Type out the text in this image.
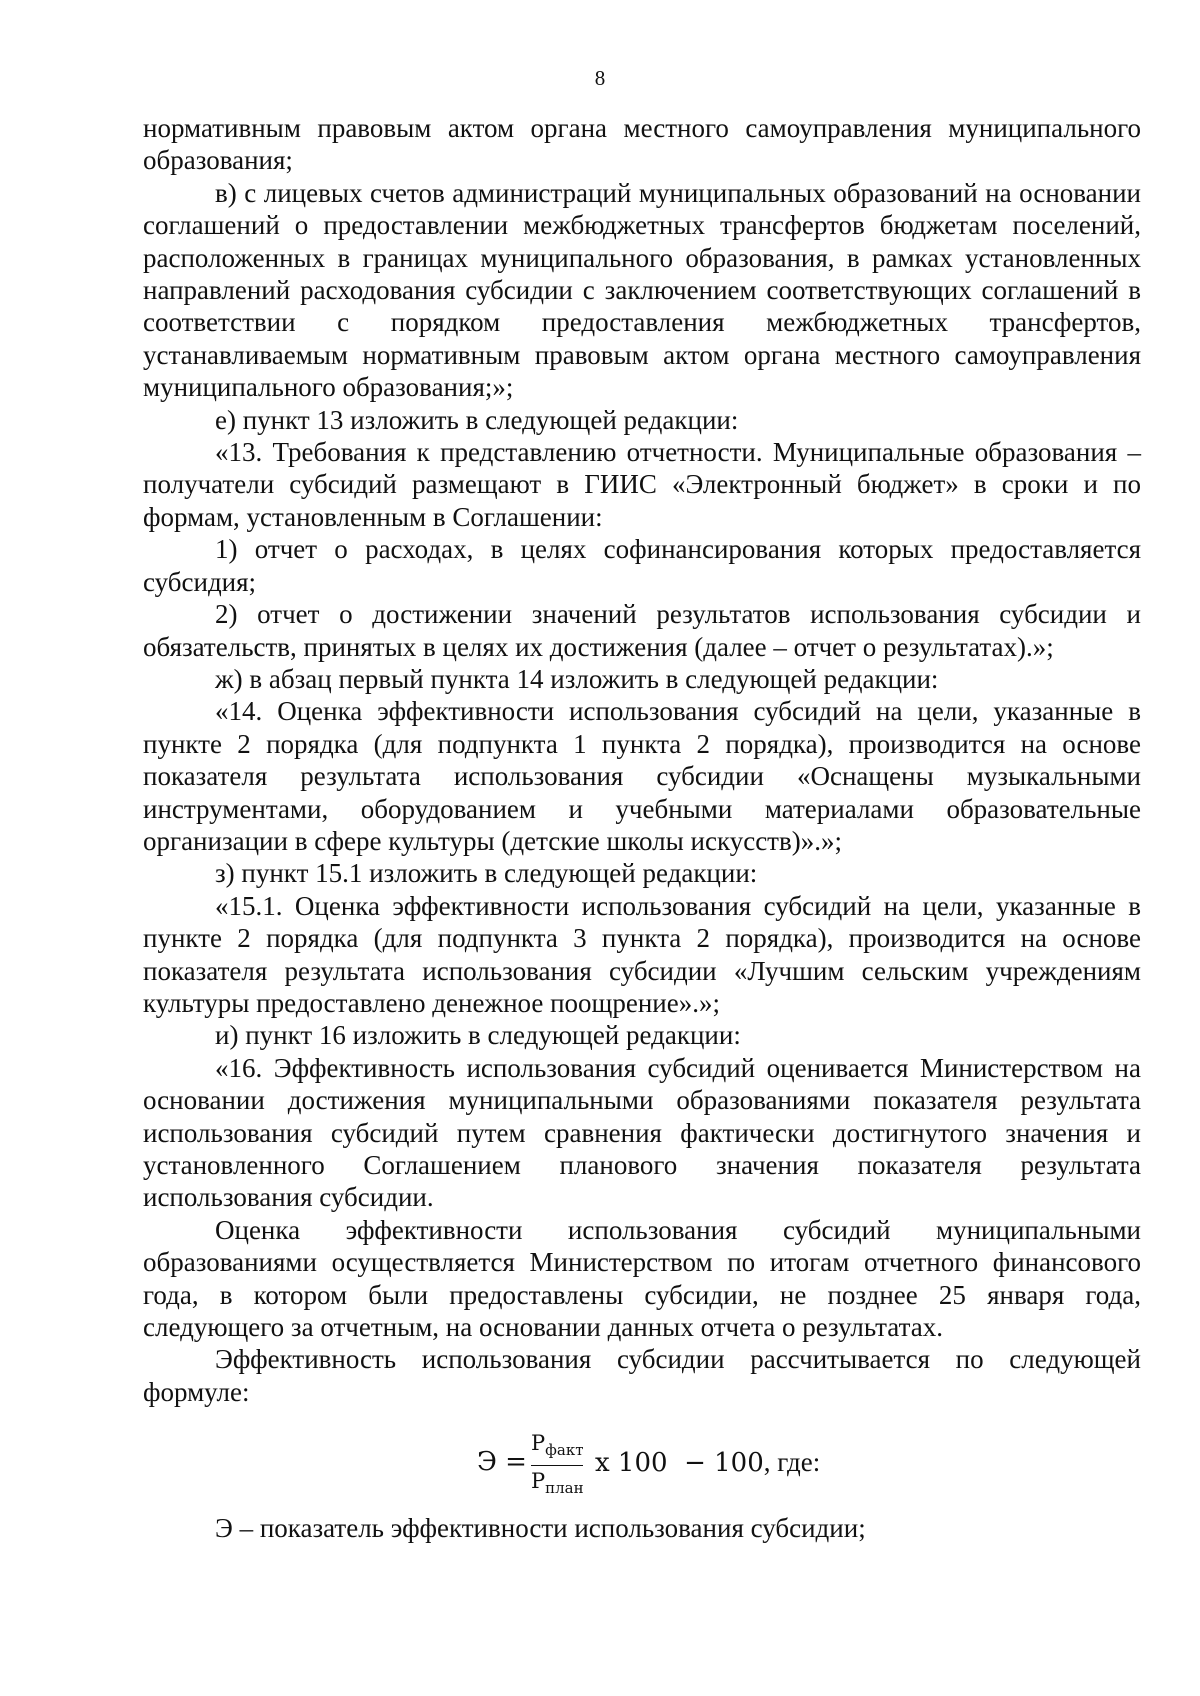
8

нормативным правовым актом органа местного самоуправления муниципального образования;

в) с лицевых счетов администраций муниципальных образований на основании соглашений о предоставлении межбюджетных трансфертов бюджетам поселений, расположенных в границах муниципального образования, в рамках установленных направлений расходования субсидии с заключением соответствующих соглашений в соответствии с порядком предоставления межбюджетных трансфертов, устанавливаемым нормативным правовым актом органа местного самоуправления муниципального образования;»;

е) пункт 13 изложить в следующей редакции:

«13. Требования к представлению отчетности. Муниципальные образования – получатели субсидий размещают в ГИИС «Электронный бюджет» в сроки и по формам, установленным в Соглашении:

1) отчет о расходах, в целях софинансирования которых предоставляется субсидия;

2) отчет о достижении значений результатов использования субсидии и обязательств, принятых в целях их достижения (далее – отчет о результатах).»;

ж) в абзац первый пункта 14 изложить в следующей редакции:

«14. Оценка эффективности использования субсидий на цели, указанные в пункте 2 порядка (для подпункта 1 пункта 2 порядка), производится на основе показателя результата использования субсидии «Оснащены музыкальными инструментами, оборудованием и учебными материалами образовательные организации в сфере культуры (детские школы искусств)».»;

з) пункт 15.1 изложить в следующей редакции:

«15.1. Оценка эффективности использования субсидий на цели, указанные в пункте 2 порядка (для подпункта 3 пункта 2 порядка), производится на основе показателя результата использования субсидии «Лучшим сельским учреждениям культуры предоставлено денежное поощрение».»;

и) пункт 16 изложить в следующей редакции:

«16. Эффективность использования субсидий оценивается Министерством на основании достижения муниципальными образованиями показателя результата использования субсидий путем сравнения фактически достигнутого значения и установленного Соглашением планового значения показателя результата использования субсидии.

Оценка эффективности использования субсидий муниципальными образованиями осуществляется Министерством по итогам отчетного финансового года, в котором были предоставлены субсидии, не позднее 25 января года, следующего за отчетным, на основании данных отчета о результатах.

Эффективность использования субсидии рассчитывается по следующей формуле:

Э =
$Р_{факт}$
$Р_{план}$
х 100  − 100, где:

Э – показатель эффективности использования субсидии;
